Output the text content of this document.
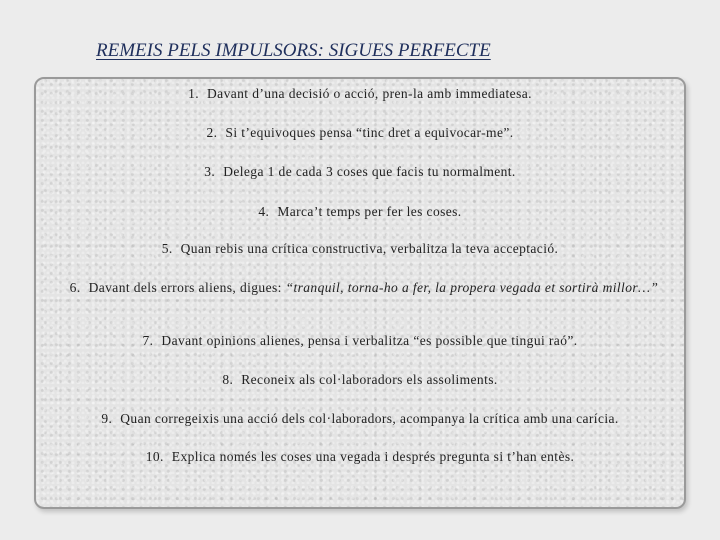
REMEIS PELS IMPULSORS: SIGUES PERFECTE
1. Davant d’una decisió o acció, pren-la amb immediatesa.
2. Si t’equivoques pensa “tinc dret a equivocar-me”.
3. Delega 1 de cada 3 coses que facis tu normalment.
4. Marca’t temps per fer les coses.
5. Quan rebis una crítica constructiva, verbalitza la teva acceptació.
6. Davant dels errors aliens, digues: “tranquil, torna-ho a fer, la propera vegada et sortirà millor…”
7. Davant opinions alienes, pensa i verbalitza “es possible que tingui raó”.
8. Reconeix als col·laboradors els assoliments.
9. Quan corregeixis una acció dels col·laboradors, acompanya la crítica amb una carícia.
10. Explica només les coses una vegada i després pregunta si t’han entès.
